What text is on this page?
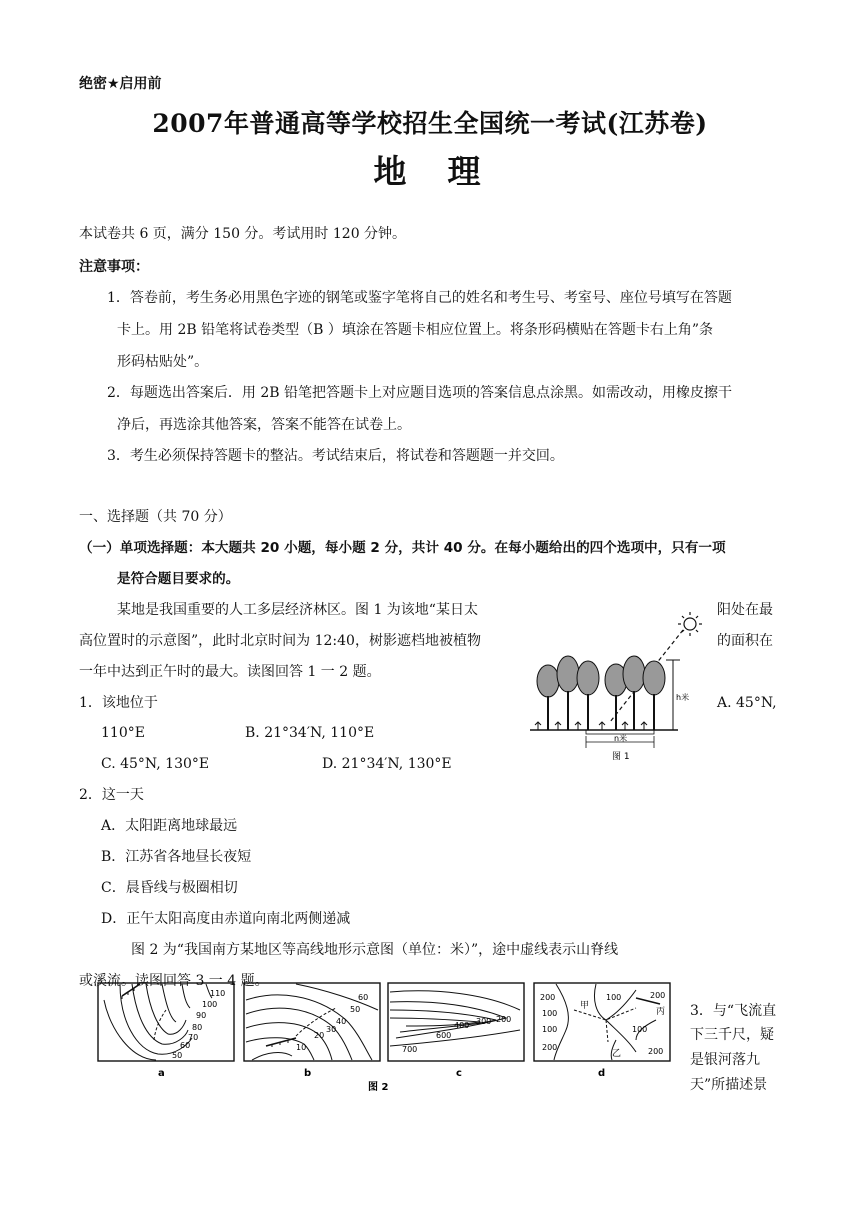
绝密★启用前
2007年普通高等学校招生全国统一考试(江苏卷)
地  理
本试卷共 6 页，满分 150 分。考试用时 120 分钟。
注意事项：
1．答卷前，考生务必用黑色字迹的钢笔或鉴字笔将自己的姓名和考生号、考室号、座位号填写在答题
卡上。用 2B 铅笔将试卷类型（B ）填涂在答题卡相应位置上。将条形码横贴在答题卡右上角”条
形码枯贴处”。
2．每题选出答案后．用 2B 铅笔把答题卡上对应题目选项的答案信息点涂黑。如需改动，用橡皮擦干
净后，再选涂其他答案，答案不能答在试卷上。
3．考生必须保持答题卡的整沾。考试结束后，将试卷和答题题一并交回。
一、选择题（共 70 分）
（一）单项选择题：本大题共 20 小题，每小题 2 分，共计 40 分。在每小题给出的四个选项中，只有一项
是符合题目要求的。
某地是我国重要的人工多层经济林区。图 1 为该地“某日太	阳处在最
高位置时的示意图”，此时北京时间为 12:40，树影遮档地被植物	的面积在
一年中达到正午时的最大。读图回答 1 一 2 题。
1．该地位于	A. 45°N,
110°E	B. 21°34′N, 110°E
C. 45°N, 130°E	D. 21°34′N, 130°E
2．这一天
A．太阳距离地球最远
B．江苏省各地昼长夜短
C．晨昏线与极圈相切
D．正午太阳高度由赤道向南北两侧递减
图 2 为“我国南方某地区等高线地形示意图（单位：米）”，途中虚线表示山脊线
或溪流。读图回答 3 一 4 题。
3．与“飞流直
下三千尺，疑
是银河落九
天”所描述景
h米
n米
图 1
110
100
90
80
70
60
50
a
60
50
40
30
20
10
b
400 300 200
600
700
c
200
100
100
200
100	200
200
100
甲
丙
乙
d
图 2
